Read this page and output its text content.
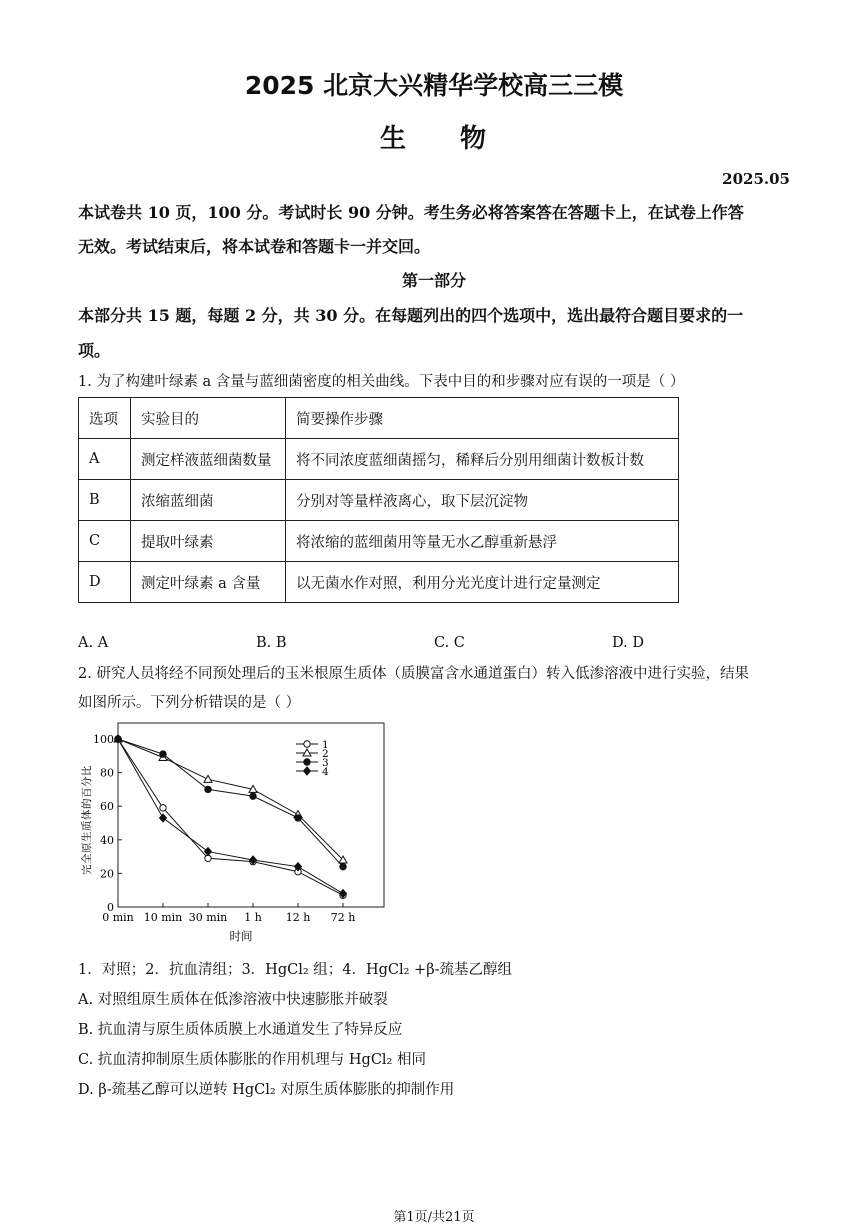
2025 北京大兴精华学校高三三模
生 物
2025.05
本试卷共 10 页，100 分。考试时长 90 分钟。考生务必将答案答在答题卡上，在试卷上作答
无效。考试结束后，将本试卷和答题卡一并交回。
第一部分
本部分共 15 题，每题 2 分，共 30 分。在每题列出的四个选项中，选出最符合题目要求的一
项。
1. 为了构建叶绿素 a 含量与蓝细菌密度的相关曲线。下表中目的和步骤对应有误的一项是（ ）
选项	实验目的	简要操作步骤
A	测定样液蓝细菌数量	将不同浓度蓝细菌摇匀，稀释后分别用细菌计数板计数
B	浓缩蓝细菌	分别对等量样液离心，取下层沉淀物
C	提取叶绿素	将浓缩的蓝细菌用等量无水乙醇重新悬浮
D	测定叶绿素 a 含量	以无菌水作对照，利用分光光度计进行定量测定
A. A	B. B	C. C	D. D
2. 研究人员将经不同预处理后的玉米根原生质体（质膜富含水通道蛋白）转入低渗溶液中进行实验，结果
如图所示。下列分析错误的是（ ）
0
20
40
60
80
100
0 min 10 min 30 min 1 h 12 h 72 h
1
2
3
4
完全原生质体的百分比
时间
1．对照；2．抗血清组；3．HgCl₂ 组；4．HgCl₂ +β-巯基乙醇组
A. 对照组原生质体在低渗溶液中快速膨胀并破裂
B. 抗血清与原生质体质膜上水通道发生了特异反应
C. 抗血清抑制原生质体膨胀的作用机理与 HgCl₂ 相同
D. β-巯基乙醇可以逆转 HgCl₂ 对原生质体膨胀的抑制作用
第1页/共21页
